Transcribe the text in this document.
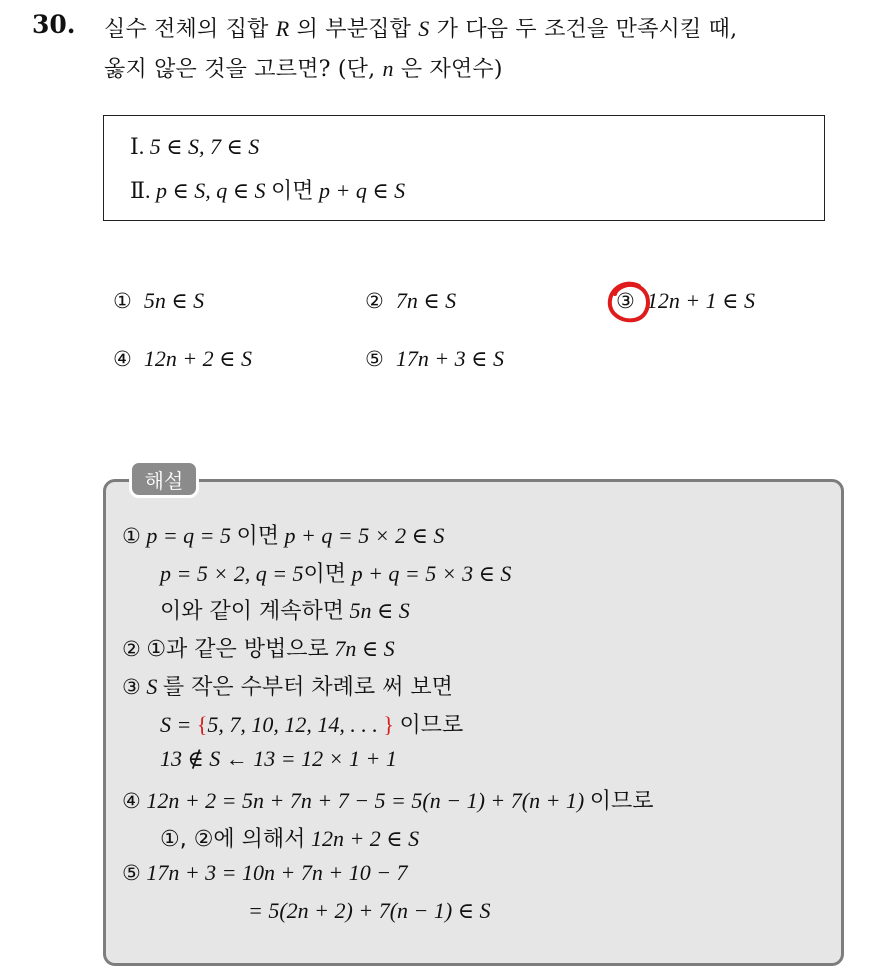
30. 실수 전체의 집합 R 의 부분집합 S 가 다음 두 조건을 만족시킬 때,
옳지 않은 것을 고르면? (단, n 은 자연수)
Ⅰ. 5 ∈ S, 7 ∈ S
Ⅱ. p ∈ S, q ∈ S 이면 p + q ∈ S
① 5n ∈ S	② 7n ∈ S	③ 12n + 1 ∈ S
④ 12n + 2 ∈ S	⑤ 17n + 3 ∈ S
해설
① p = q = 5 이면 p + q = 5 × 2 ∈ S
p = 5 × 2, q = 5이면 p + q = 5 × 3 ∈ S
이와 같이 계속하면 5n ∈ S
② ①과 같은 방법으로 7n ∈ S
③ S 를 작은 수부터 차례로 써 보면
S = {5, 7, 10, 12, 14, . . . } 이므로
13 ∉ S ← 13 = 12 × 1 + 1
④ 12n + 2 = 5n + 7n + 7 − 5 = 5(n − 1) + 7(n + 1) 이므로
①, ②에 의해서 12n + 2 ∈ S
⑤ 17n + 3 = 10n + 7n + 10 − 7
= 5(2n + 2) + 7(n − 1) ∈ S
